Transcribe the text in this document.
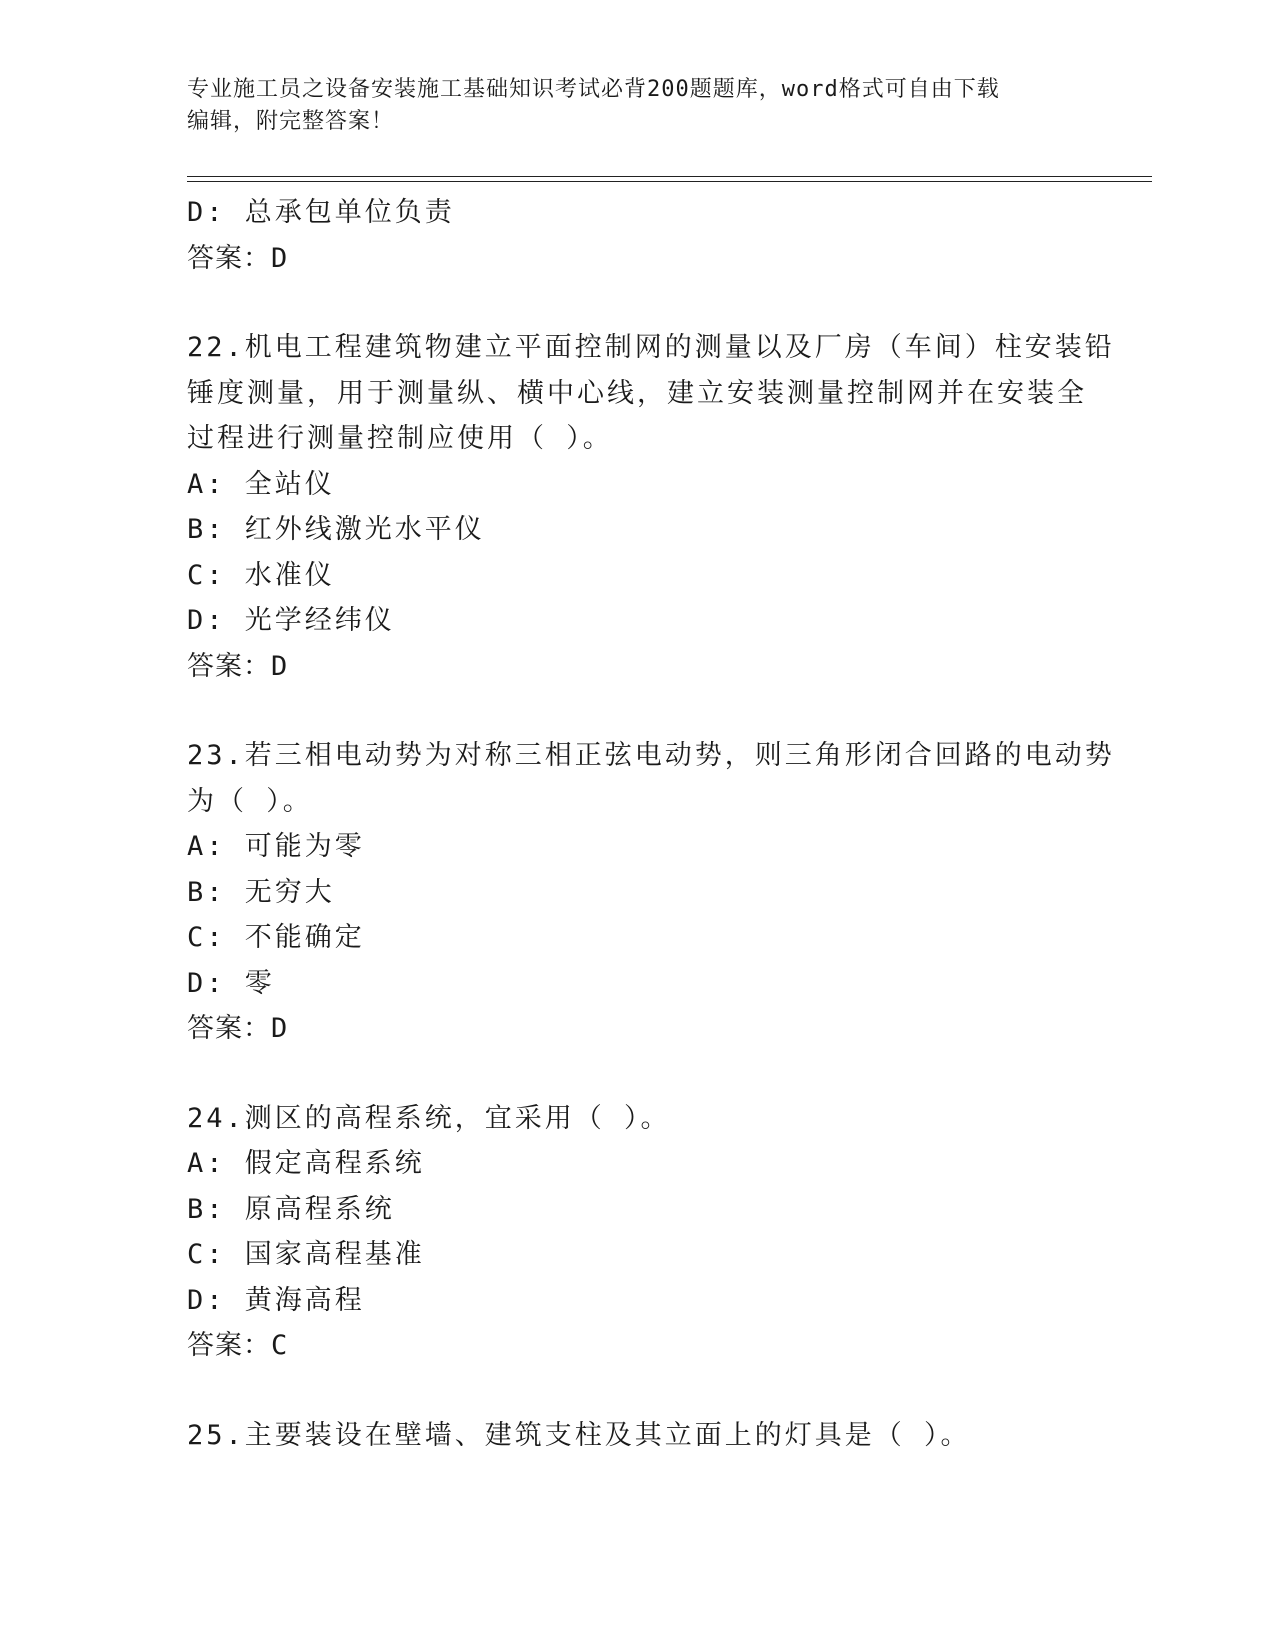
专业施工员之设备安装施工基础知识考试必背200题题库，word格式可自由下载
编辑，附完整答案！
D: 总承包单位负责
答案：D
22.机电工程建筑物建立平面控制网的测量以及厂房（车间）柱安装铅
锤度测量，用于测量纵、横中心线，建立安装测量控制网并在安装全
过程进行测量控制应使用（ ）。
A: 全站仪
B: 红外线激光水平仪
C: 水准仪
D: 光学经纬仪
答案：D
23.若三相电动势为对称三相正弦电动势，则三角形闭合回路的电动势
为（ ）。
A: 可能为零
B: 无穷大
C: 不能确定
D: 零
答案：D
24.测区的高程系统，宜采用（ ）。
A: 假定高程系统
B: 原高程系统
C: 国家高程基准
D: 黄海高程
答案：C
25.主要装设在壁墙、建筑支柱及其立面上的灯具是（ ）。
